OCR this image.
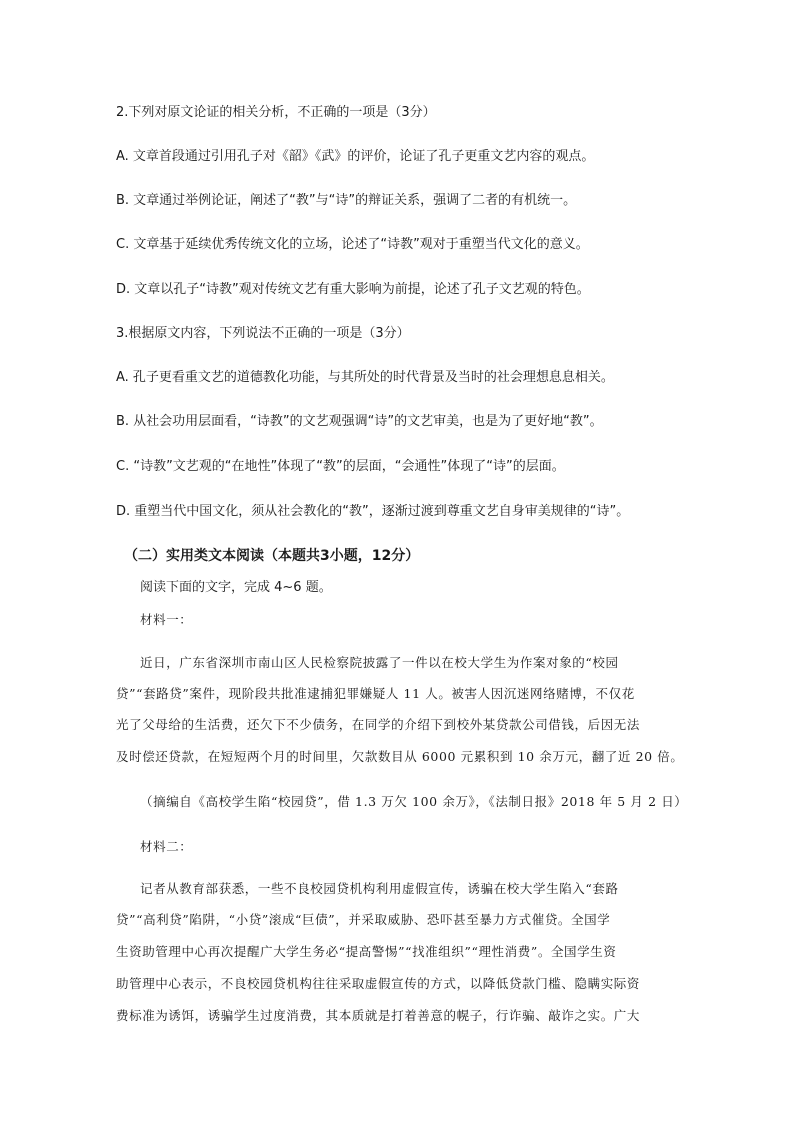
2.下列对原文论证的相关分析，不正确的一项是（3分）
A. 文章首段通过引用孔子对《韶》《武》的评价，论证了孔子更重文艺内容的观点。
B. 文章通过举例论证，阐述了“教”与“诗”的辩证关系，强调了二者的有机统一。
C. 文章基于延续优秀传统文化的立场，论述了“诗教”观对于重塑当代文化的意义。
D. 文章以孔子“诗教”观对传统文艺有重大影响为前提，论述了孔子文艺观的特色。
3.根据原文内容，下列说法不正确的一项是（3分）
A. 孔子更看重文艺的道德教化功能，与其所处的时代背景及当时的社会理想息息相关。
B. 从社会功用层面看，“诗教”的文艺观强调“诗”的文艺审美，也是为了更好地“教”。
C. “诗教”文艺观的“在地性”体现了“教”的层面，“会通性”体现了“诗”的层面。
D. 重塑当代中国文化，须从社会教化的“教”，逐渐过渡到尊重文艺自身审美规律的“诗”。
（二）实用类文本阅读（本题共3小题，12分）
阅读下面的文字，完成 4~6 题。
材料一：
近日，广东省深圳市南山区人民检察院披露了一件以在校大学生为作案对象的“校园
贷”“套路贷”案件，现阶段共批准逮捕犯罪嫌疑人 11 人。被害人因沉迷网络赌博，不仅花
光了父母给的生活费，还欠下不少债务，在同学的介绍下到校外某贷款公司借钱，后因无法
及时偿还贷款，在短短两个月的时间里，欠款数目从 6000 元累积到 10 余万元，翻了近 20 倍。
（摘编自《高校学生陷“校园贷”，借 1.3 万欠 100 余万》，《法制日报》2018 年 5 月 2 日）
材料二：
记者从教育部获悉，一些不良校园贷机构利用虚假宣传，诱骗在校大学生陷入“套路
贷”“高利贷”陷阱，“小贷”滚成“巨债”，并采取威胁、恐吓甚至暴力方式催贷。全国学
生资助管理中心再次提醒广大学生务必“提高警惕”“找准组织”“理性消费”。全国学生资
助管理中心表示，不良校园贷机构往往采取虚假宣传的方式，以降低贷款门槛、隐瞒实际资
费标准为诱饵，诱骗学生过度消费，其本质就是打着善意的幌子，行诈骗、敲诈之实。广大
